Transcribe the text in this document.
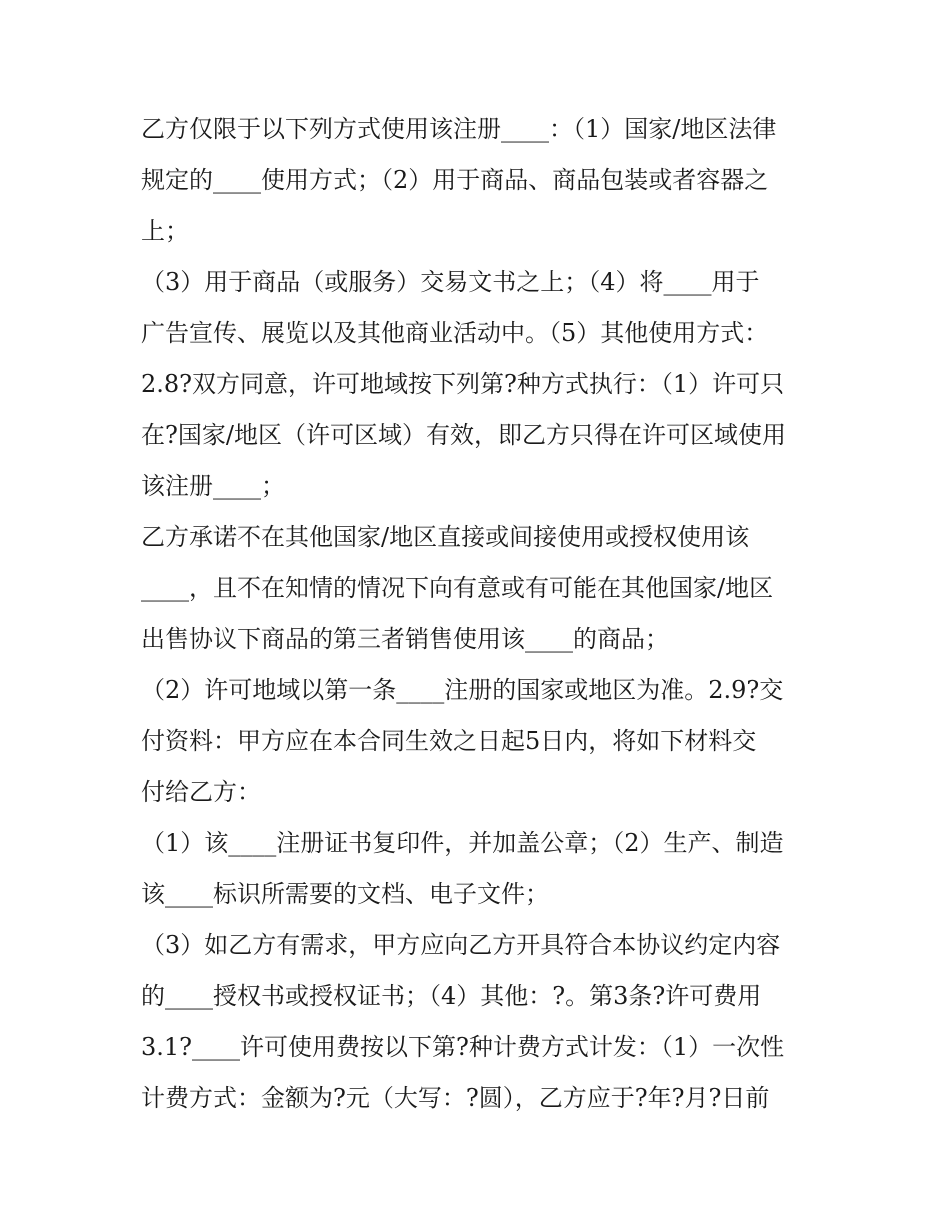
乙方仅限于以下列方式使用该注册____：（1）国家/地区法律
规定的____使用方式；（2）用于商品、商品包装或者容器之
上；
（3）用于商品（或服务）交易文书之上；（4）将____用于
广告宣传、展览以及其他商业活动中。（5）其他使用方式：
2.8?双方同意，许可地域按下列第?种方式执行：（1）许可只
在?国家/地区（许可区域）有效，即乙方只得在许可区域使用
该注册____；
乙方承诺不在其他国家/地区直接或间接使用或授权使用该
____，且不在知情的情况下向有意或有可能在其他国家/地区
出售协议下商品的第三者销售使用该____的商品；
（2）许可地域以第一条____注册的国家或地区为准。2.9?交
付资料：甲方应在本合同生效之日起5日内，将如下材料交
付给乙方：
（1）该____注册证书复印件，并加盖公章；（2）生产、制造
该____标识所需要的文档、电子文件；
（3）如乙方有需求，甲方应向乙方开具符合本协议约定内容
的____授权书或授权证书；（4）其他：?。第3条?许可费用
3.1?____许可使用费按以下第?种计费方式计发：（1）一次性
计费方式：金额为?元（大写：?圆），乙方应于?年?月?日前
